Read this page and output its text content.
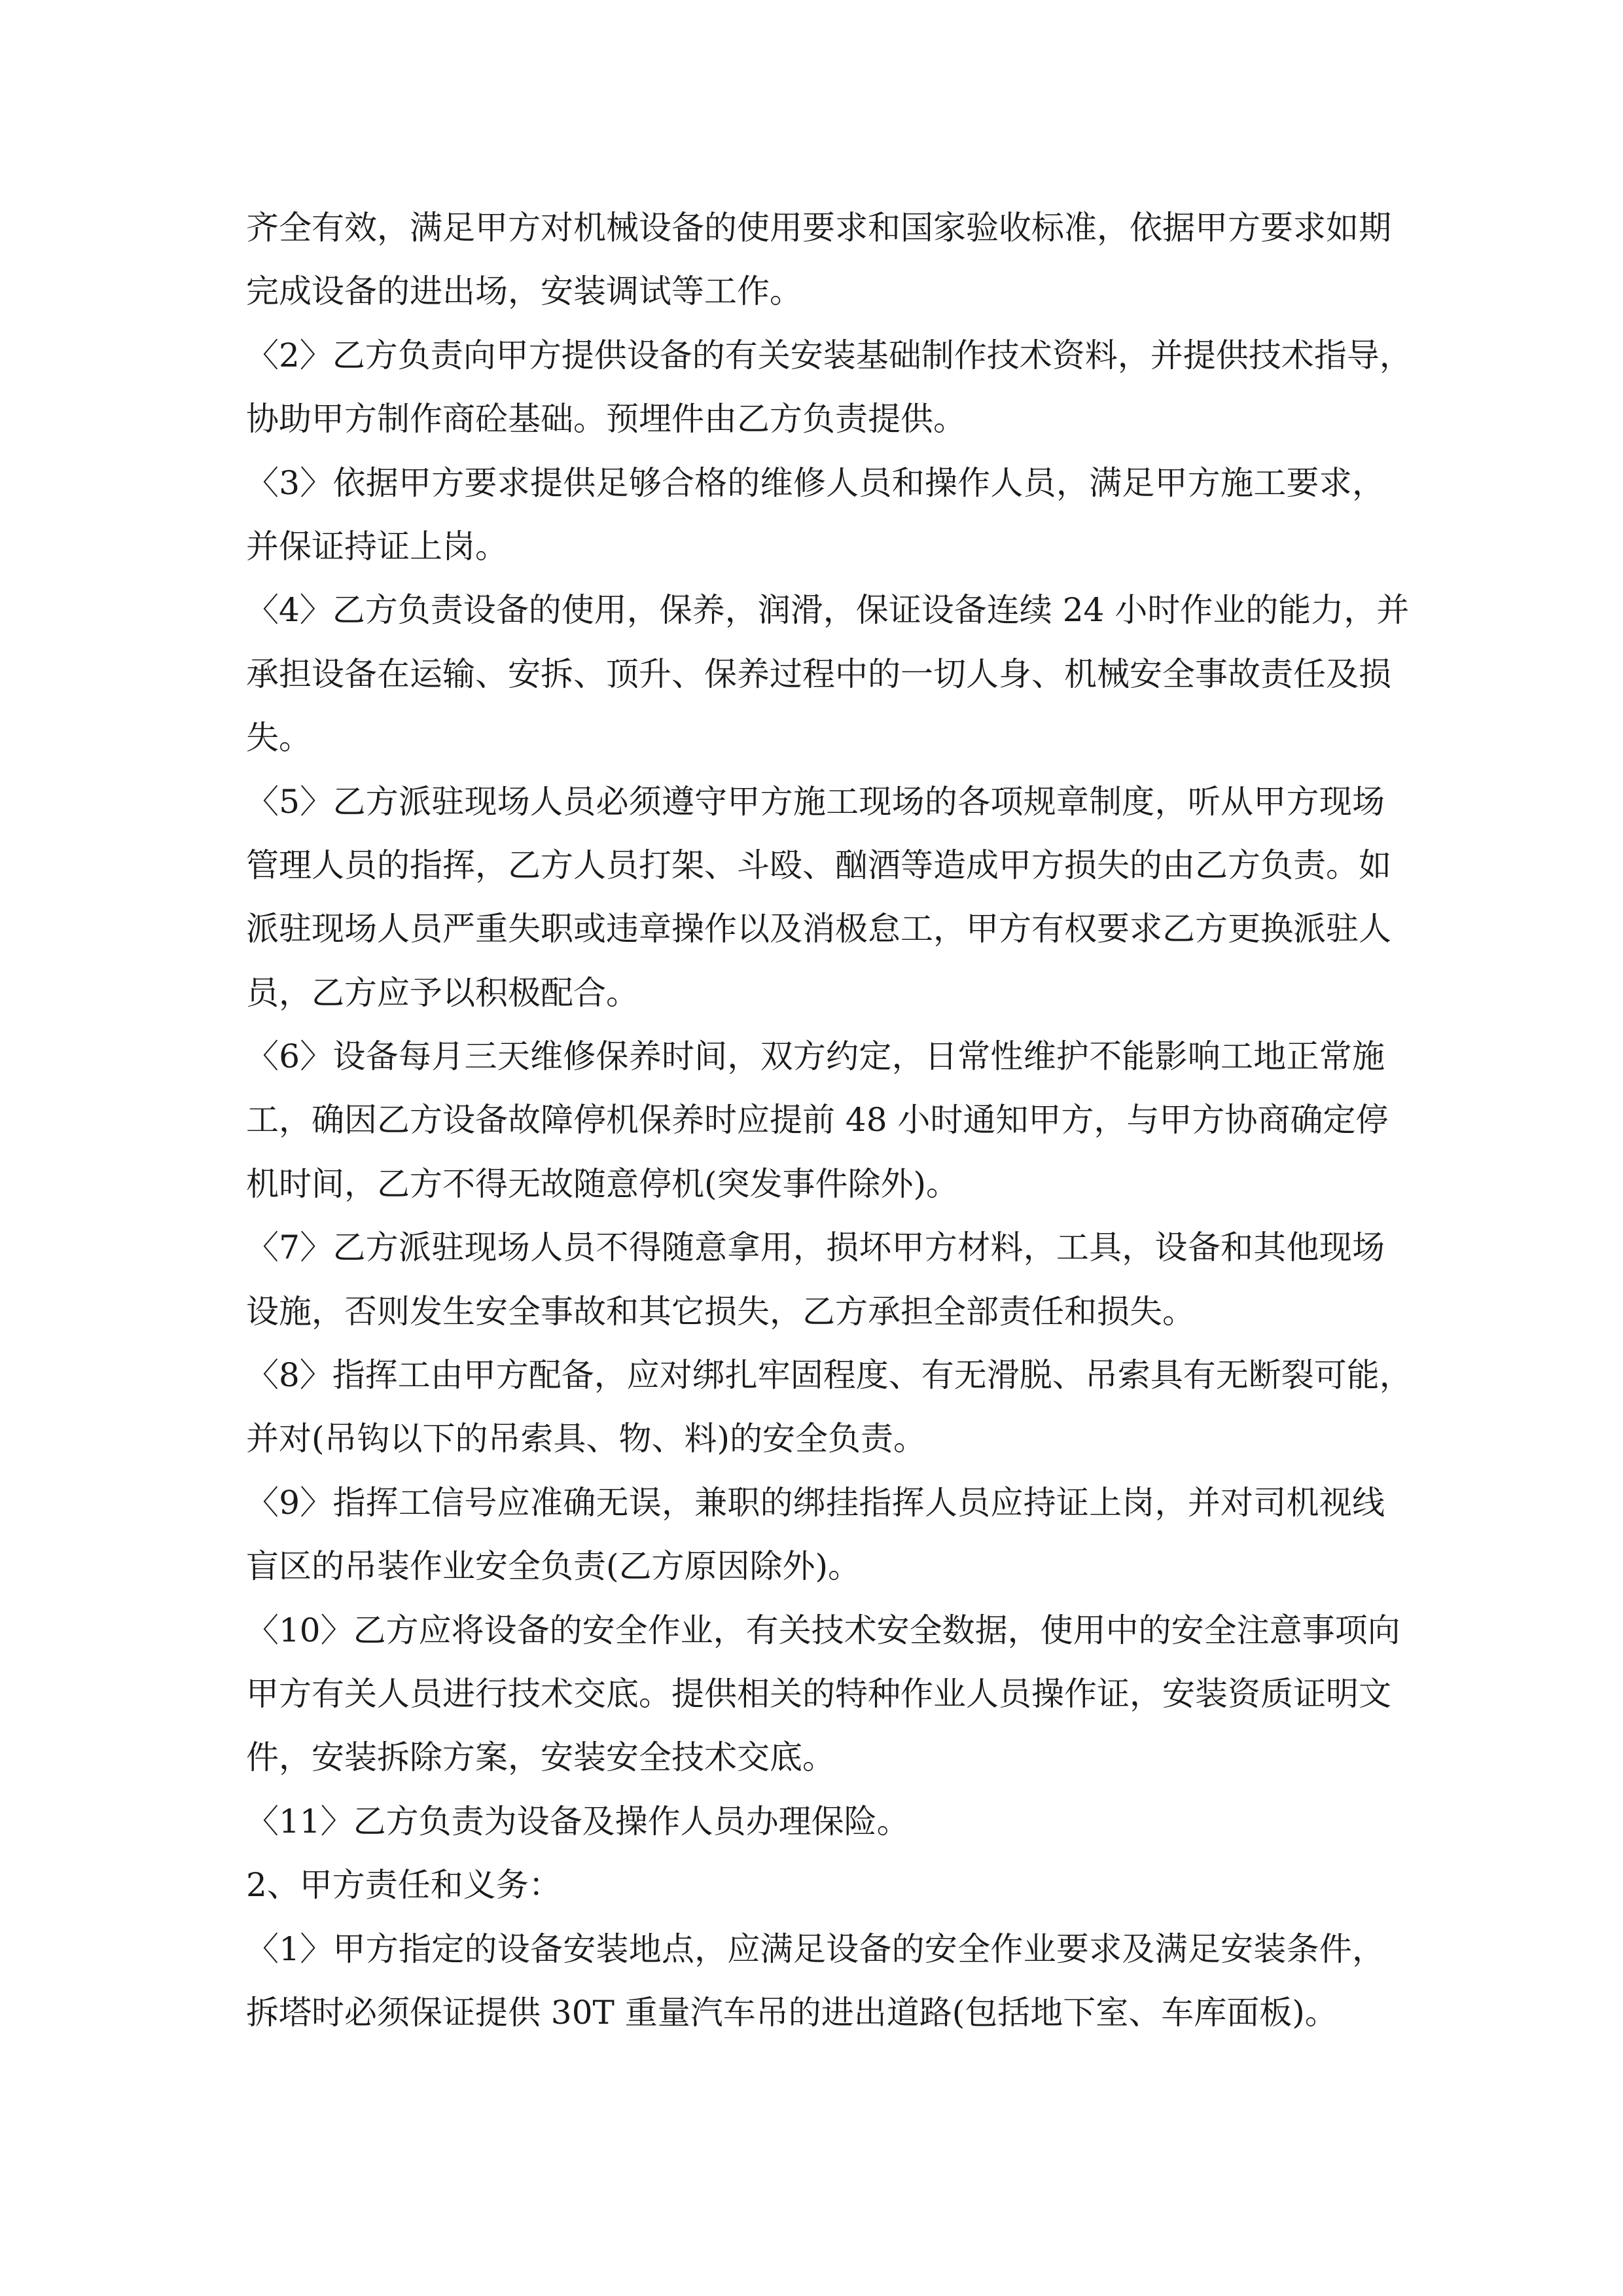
齐全有效，满足甲方对机械设备的使用要求和国家验收标准，依据甲方要求如期
完成设备的进出场，安装调试等工作。
〈2〉乙方负责向甲方提供设备的有关安装基础制作技术资料，并提供技术指导，
协助甲方制作商砼基础。预埋件由乙方负责提供。
〈3〉依据甲方要求提供足够合格的维修人员和操作人员，满足甲方施工要求，
并保证持证上岗。
〈4〉乙方负责设备的使用，保养，润滑，保证设备连续 24 小时作业的能力，并
承担设备在运输、安拆、顶升、保养过程中的一切人身、机械安全事故责任及损
失。
〈5〉乙方派驻现场人员必须遵守甲方施工现场的各项规章制度，听从甲方现场
管理人员的指挥，乙方人员打架、斗殴、酗酒等造成甲方损失的由乙方负责。如
派驻现场人员严重失职或违章操作以及消极怠工，甲方有权要求乙方更换派驻人
员，乙方应予以积极配合。
〈6〉设备每月三天维修保养时间，双方约定，日常性维护不能影响工地正常施
工，确因乙方设备故障停机保养时应提前 48 小时通知甲方，与甲方协商确定停
机时间，乙方不得无故随意停机(突发事件除外)。
〈7〉乙方派驻现场人员不得随意拿用，损坏甲方材料，工具，设备和其他现场
设施，否则发生安全事故和其它损失，乙方承担全部责任和损失。
〈8〉指挥工由甲方配备，应对绑扎牢固程度、有无滑脱、吊索具有无断裂可能，
并对(吊钩以下的吊索具、物、料)的安全负责。
〈9〉指挥工信号应准确无误，兼职的绑挂指挥人员应持证上岗，并对司机视线
盲区的吊装作业安全负责(乙方原因除外)。
〈10〉乙方应将设备的安全作业，有关技术安全数据，使用中的安全注意事项向
甲方有关人员进行技术交底。提供相关的特种作业人员操作证，安装资质证明文
件，安装拆除方案，安装安全技术交底。
〈11〉乙方负责为设备及操作人员办理保险。
2、甲方责任和义务：
〈1〉甲方指定的设备安装地点，应满足设备的安全作业要求及满足安装条件，
拆塔时必须保证提供 30T 重量汽车吊的进出道路(包括地下室、车库面板)。
